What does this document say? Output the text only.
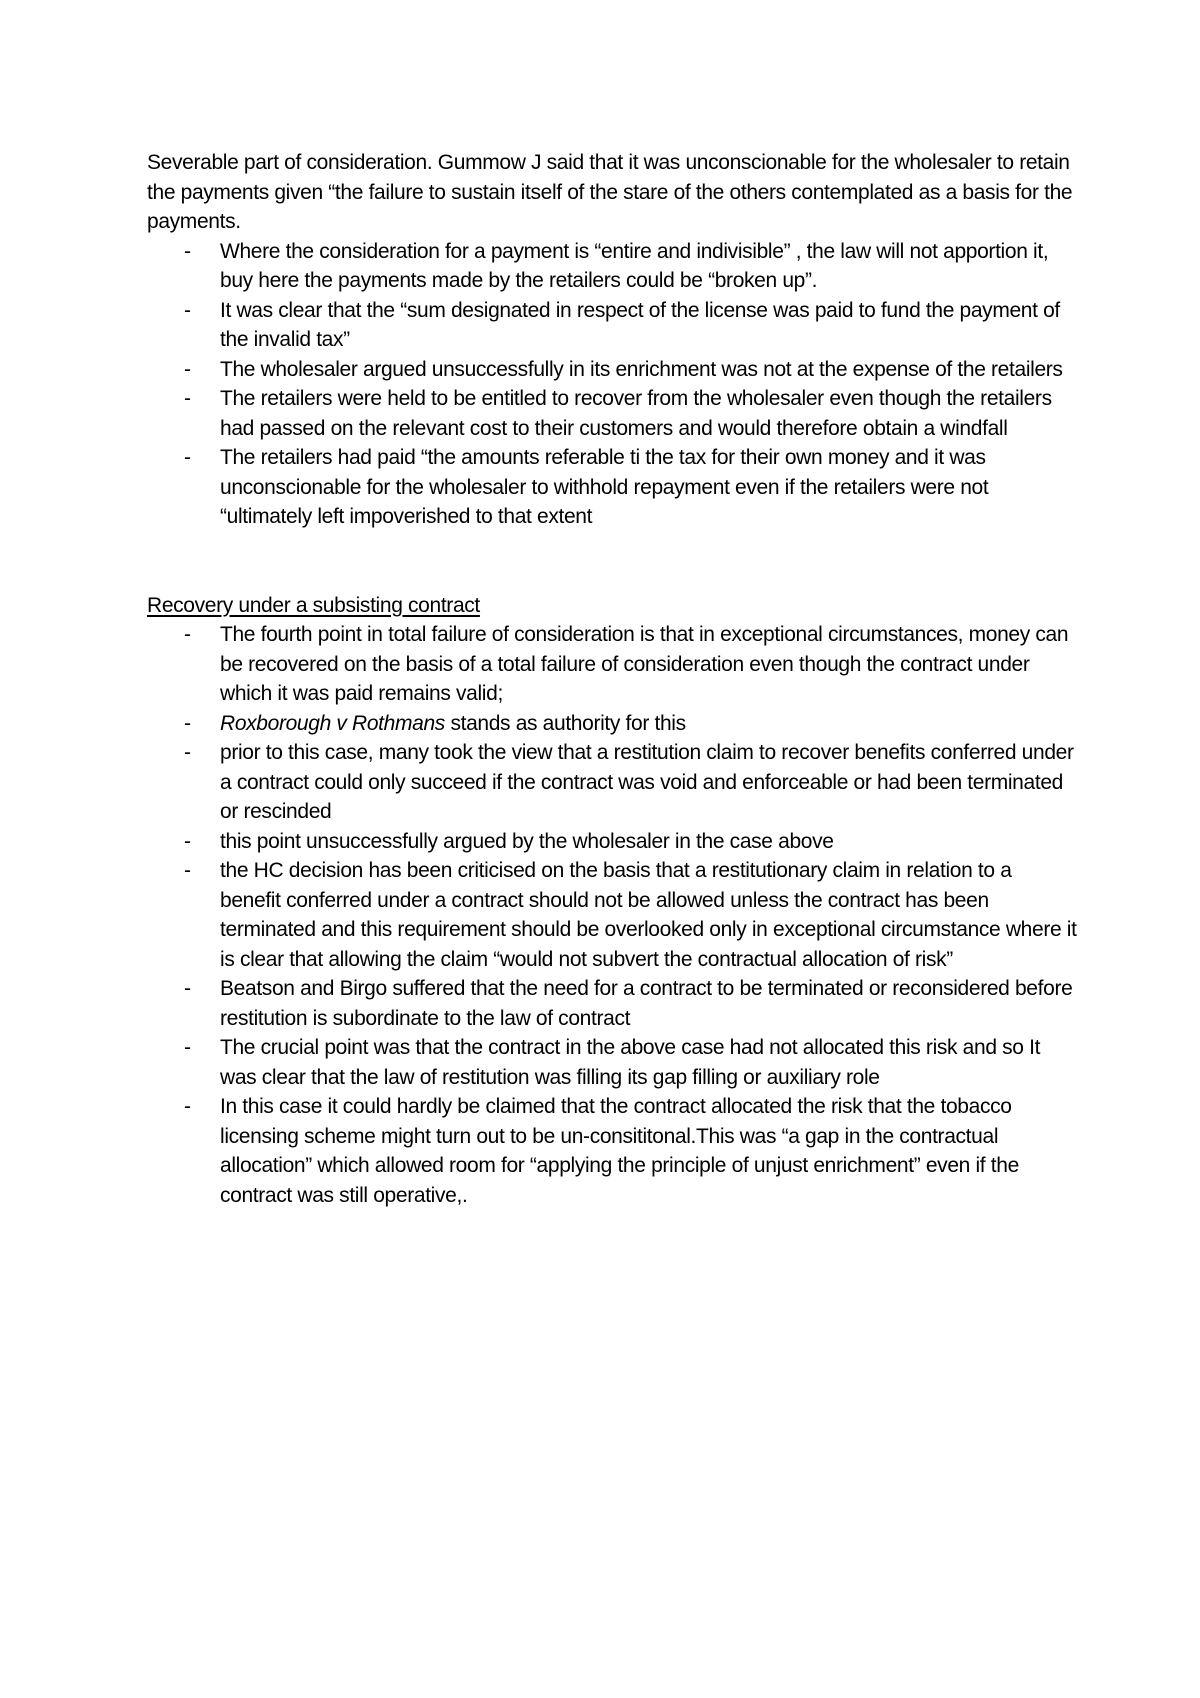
Severable part of consideration. Gummow J said that it was unconscionable for the wholesaler to retain the payments given “the failure to sustain itself of the stare of the others contemplated as a basis for the payments.

- Where the consideration for a payment is “entire and indivisible” , the law will not apportion it, buy here the payments made by the retailers could be “broken up”.
- It was clear that the “sum designated in respect of the license was paid to fund the payment of the invalid tax”
- The wholesaler argued unsuccessfully in its enrichment was not at the expense of the retailers
- The retailers were held to be entitled to recover from the wholesaler even though the retailers had passed on the relevant cost to their customers and would therefore obtain a windfall
- The retailers had paid “the amounts referable ti the tax for their own money and it was unconscionable for the wholesaler to withhold repayment even if the retailers were not “ultimately left impoverished to that extent

Recovery under a subsisting contract

- The fourth point in total failure of consideration is that in exceptional circumstances, money can be recovered on the basis of a total failure of consideration even though the contract under which it was paid remains valid;
- Roxborough v Rothmans stands as authority for this
- prior to this case, many took the view that a restitution claim to recover benefits conferred under a contract could only succeed if the contract was void and enforceable or had been terminated or rescinded
- this point unsuccessfully argued by the wholesaler in the case above
- the HC decision has been criticised on the basis that a restitutionary claim in relation to a benefit conferred under a contract should not be allowed unless the contract has been terminated and this requirement should be overlooked only in exceptional circumstance where it is clear that allowing the claim “would not subvert the contractual allocation of risk”
- Beatson and Birgo suffered that the need for a contract to be terminated or reconsidered before restitution is subordinate to the law of contract
- The crucial point was that the contract in the above case had not allocated this risk and so It was clear that the law of restitution was filling its gap filling or auxiliary role
- In this case it could hardly be claimed that the contract allocated the risk that the tobacco licensing scheme might turn out to be un-consititonal.This was “a gap in the contractual allocation” which allowed room for “applying the principle of unjust enrichment” even if the contract was still operative,.
